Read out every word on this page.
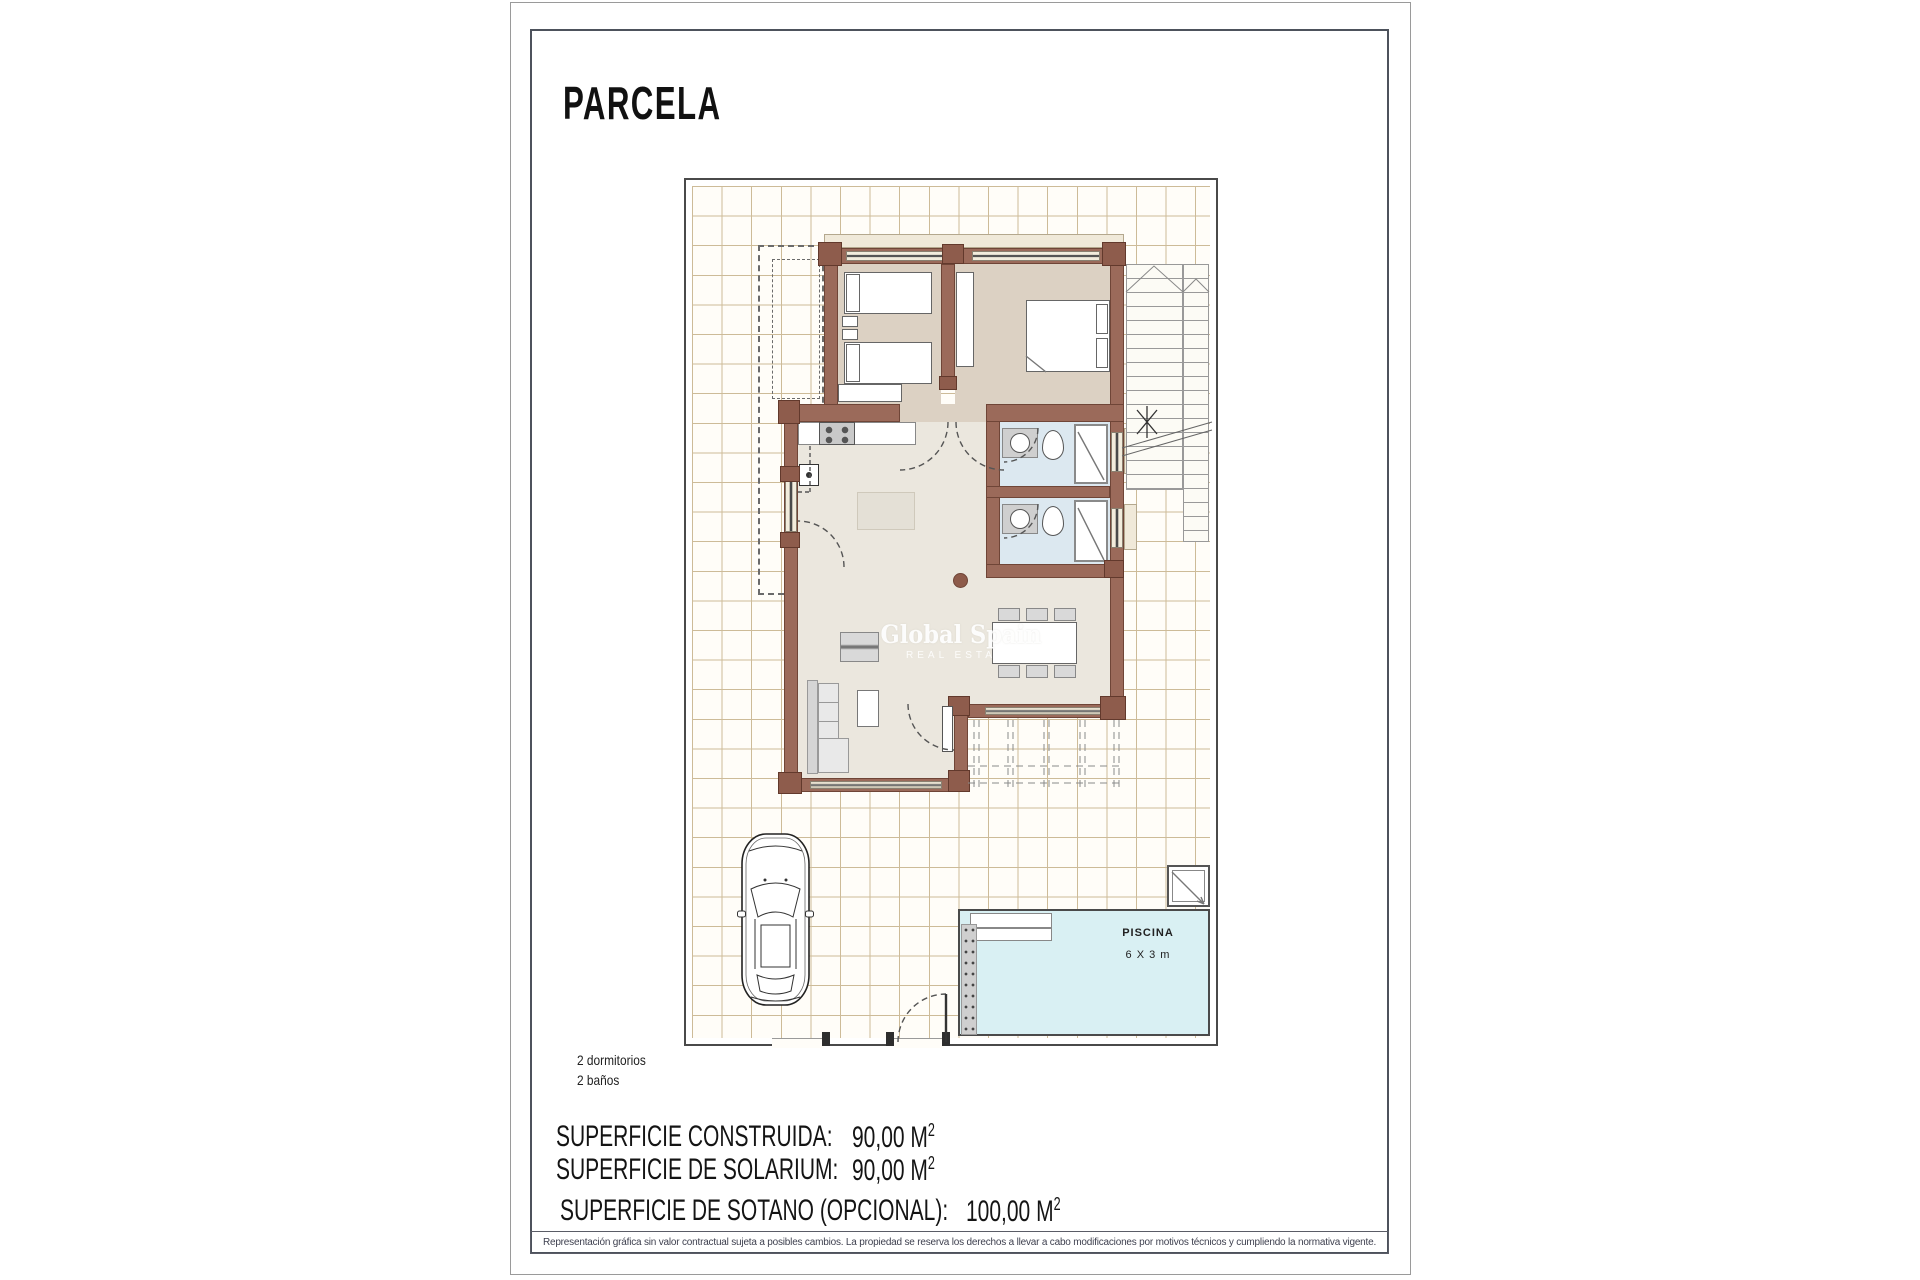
PARCELA
PISCINA
6 X 3 m
Global Spain
REAL ESTATE
2 dormitorios
2 baños
SUPERFICIE CONSTRUIDA: 90,00 $M^2$
SUPERFICIE DE SOLARIUM: 90,00 $M^2$
SUPERFICIE DE SOTANO (OPCIONAL): 100,00 $M^2$
Representación gráfica sin valor contractual sujeta a posibles cambios. La propiedad se reserva los derechos a llevar a cabo modificaciones por motivos técnicos y cumpliendo la normativa vigente.
